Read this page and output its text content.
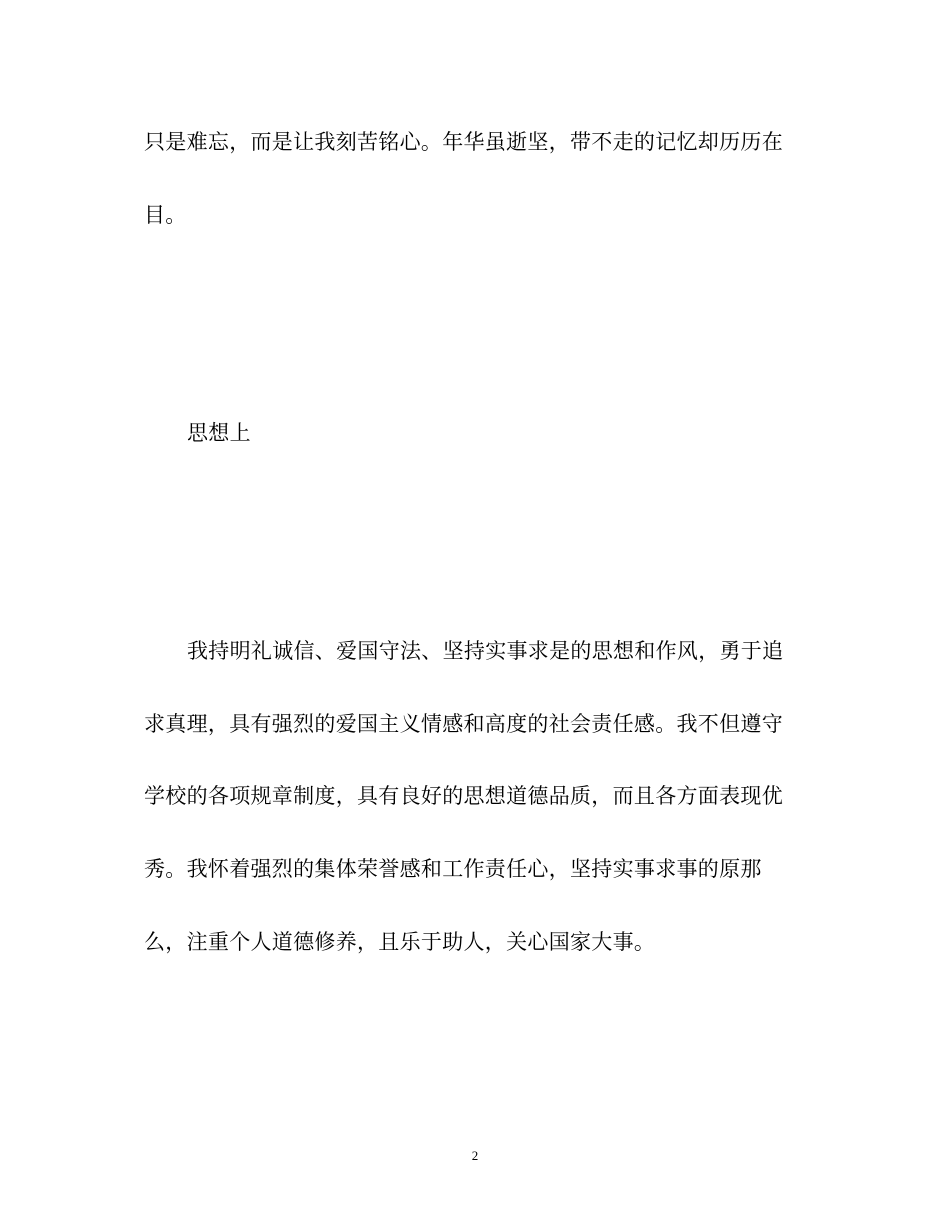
只是难忘，而是让我刻苦铭心。年华虽逝坚，带不走的记忆却历历在
目。
思想上
我持明礼诚信、爱国守法、坚持实事求是的思想和作风，勇于追
求真理，具有强烈的爱国主义情感和高度的社会责任感。我不但遵守
学校的各项规章制度，具有良好的思想道德品质，而且各方面表现优
秀。我怀着强烈的集体荣誉感和工作责任心，坚持实事求事的原那
么，注重个人道德修养，且乐于助人，关心国家大事。
2
